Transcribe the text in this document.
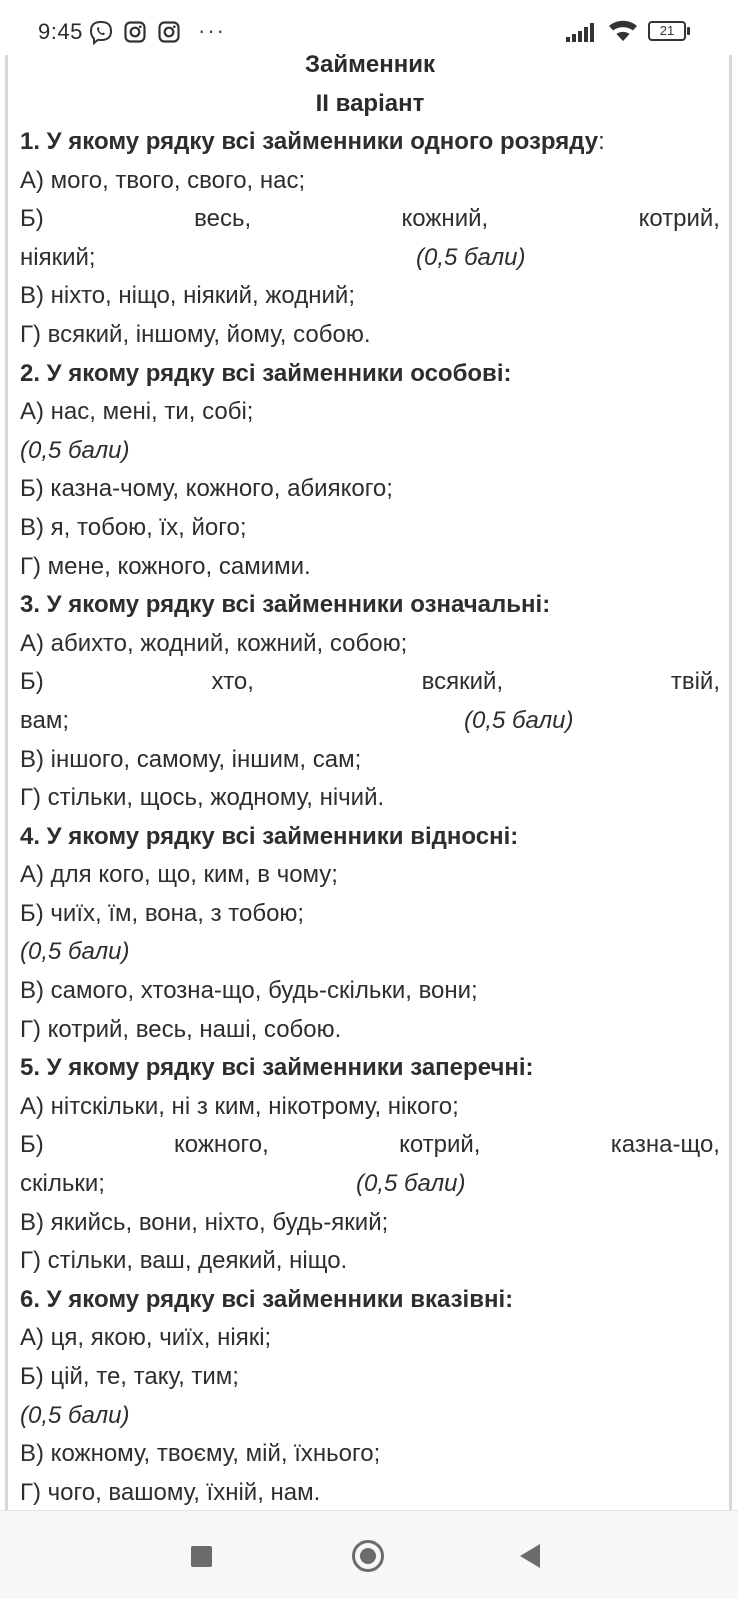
9:45	···	21
Займенник
ІІ варіант
1. У якому рядку всі займенники одного розряду:
А) мого, твого, свого, нас;
Б)	весь,	кожний,	котрий,
ніякий;	(0,5 бали)
В) ніхто, ніщо, ніякий, жодний;
Г) всякий, іншому, йому, собою.
2. У якому рядку всі займенники особові:
А) нас, мені, ти, собі;
(0,5 бали)
Б) казна-чому, кожного, абиякого;
В) я, тобою, їх, його;
Г) мене, кожного, самими.
3. У якому рядку всі займенники означальні:
А) абихто, жодний, кожний, собою;
Б)	хто,	всякий,	твій,
вам;	(0,5 бали)
В) іншого, самому, іншим, сам;
Г) стільки, щось, жодному, нічий.
4. У якому рядку всі займенники відносні:
А) для кого, що, ким, в чому;
Б) чиїх, їм, вона, з тобою;
(0,5 бали)
В) самого, хтозна-що, будь-скільки, вони;
Г) котрий, весь, наші, собою.
5. У якому рядку всі займенники заперечні:
А) нітскільки, ні з ким, нікотрому, нікого;
Б)	кожного,	котрий,	казна-що,
скільки;	(0,5 бали)
В) якийсь, вони, ніхто, будь-який;
Г) стільки, ваш, деякий, ніщо.
6. У якому рядку всі займенники вказівні:
А) ця, якою, чиїх, ніякі;
Б) цій, те, таку, тим;
(0,5 бали)
В) кожному, твоєму, мій, їхнього;
Г) чого, вашому, їхній, нам.
